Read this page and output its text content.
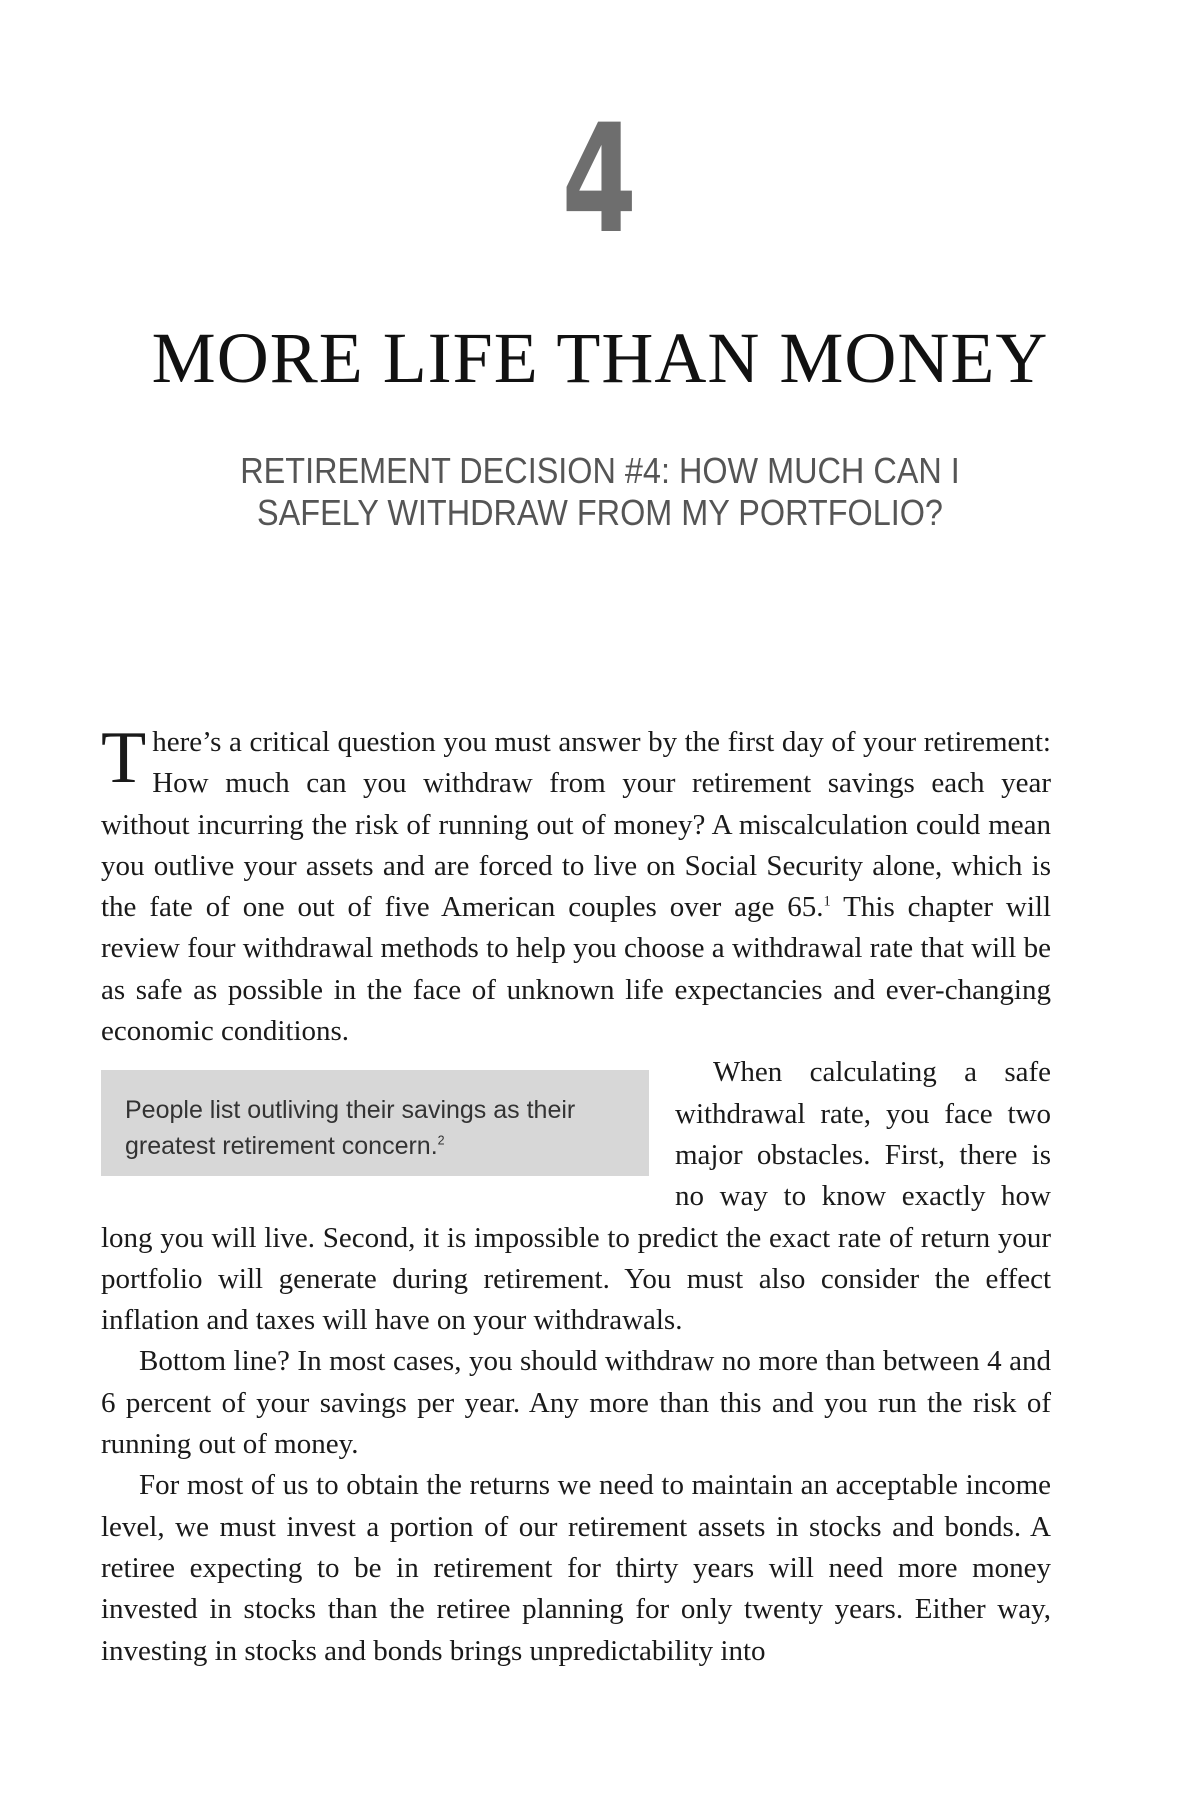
4
MORE LIFE THAN MONEY
RETIREMENT DECISION #4: HOW MUCH CAN I
SAFELY WITHDRAW FROM MY PORTFOLIO?

There’s a critical question you must answer by the first day of your retirement: How much can you withdraw from your retirement savings each year without incurring the risk of running out of money? A miscalculation could mean you outlive your assets and are forced to live on Social Security alone, which is the fate of one out of five American couples over age 65.$^1$ This chapter will review four withdrawal methods to help you choose a withdrawal rate that will be as safe as possible in the face of unknown life expectancies and ever-changing economic conditions.

People list outliving their savings as their greatest retirement concern.$^2$

When calculating a safe withdrawal rate, you face two major obstacles. First, there is no way to know exactly how long you will live. Second, it is impossible to predict the exact rate of return your portfolio will generate during retirement. You must also consider the effect inflation and taxes will have on your withdrawals.

Bottom line? In most cases, you should withdraw no more than between 4 and 6 percent of your savings per year. Any more than this and you run the risk of running out of money.

For most of us to obtain the returns we need to maintain an acceptable income level, we must invest a portion of our retirement assets in stocks and bonds. A retiree expecting to be in retirement for thirty years will need more money invested in stocks than the retiree planning for only twenty years. Either way, investing in stocks and bonds brings unpredictability into
